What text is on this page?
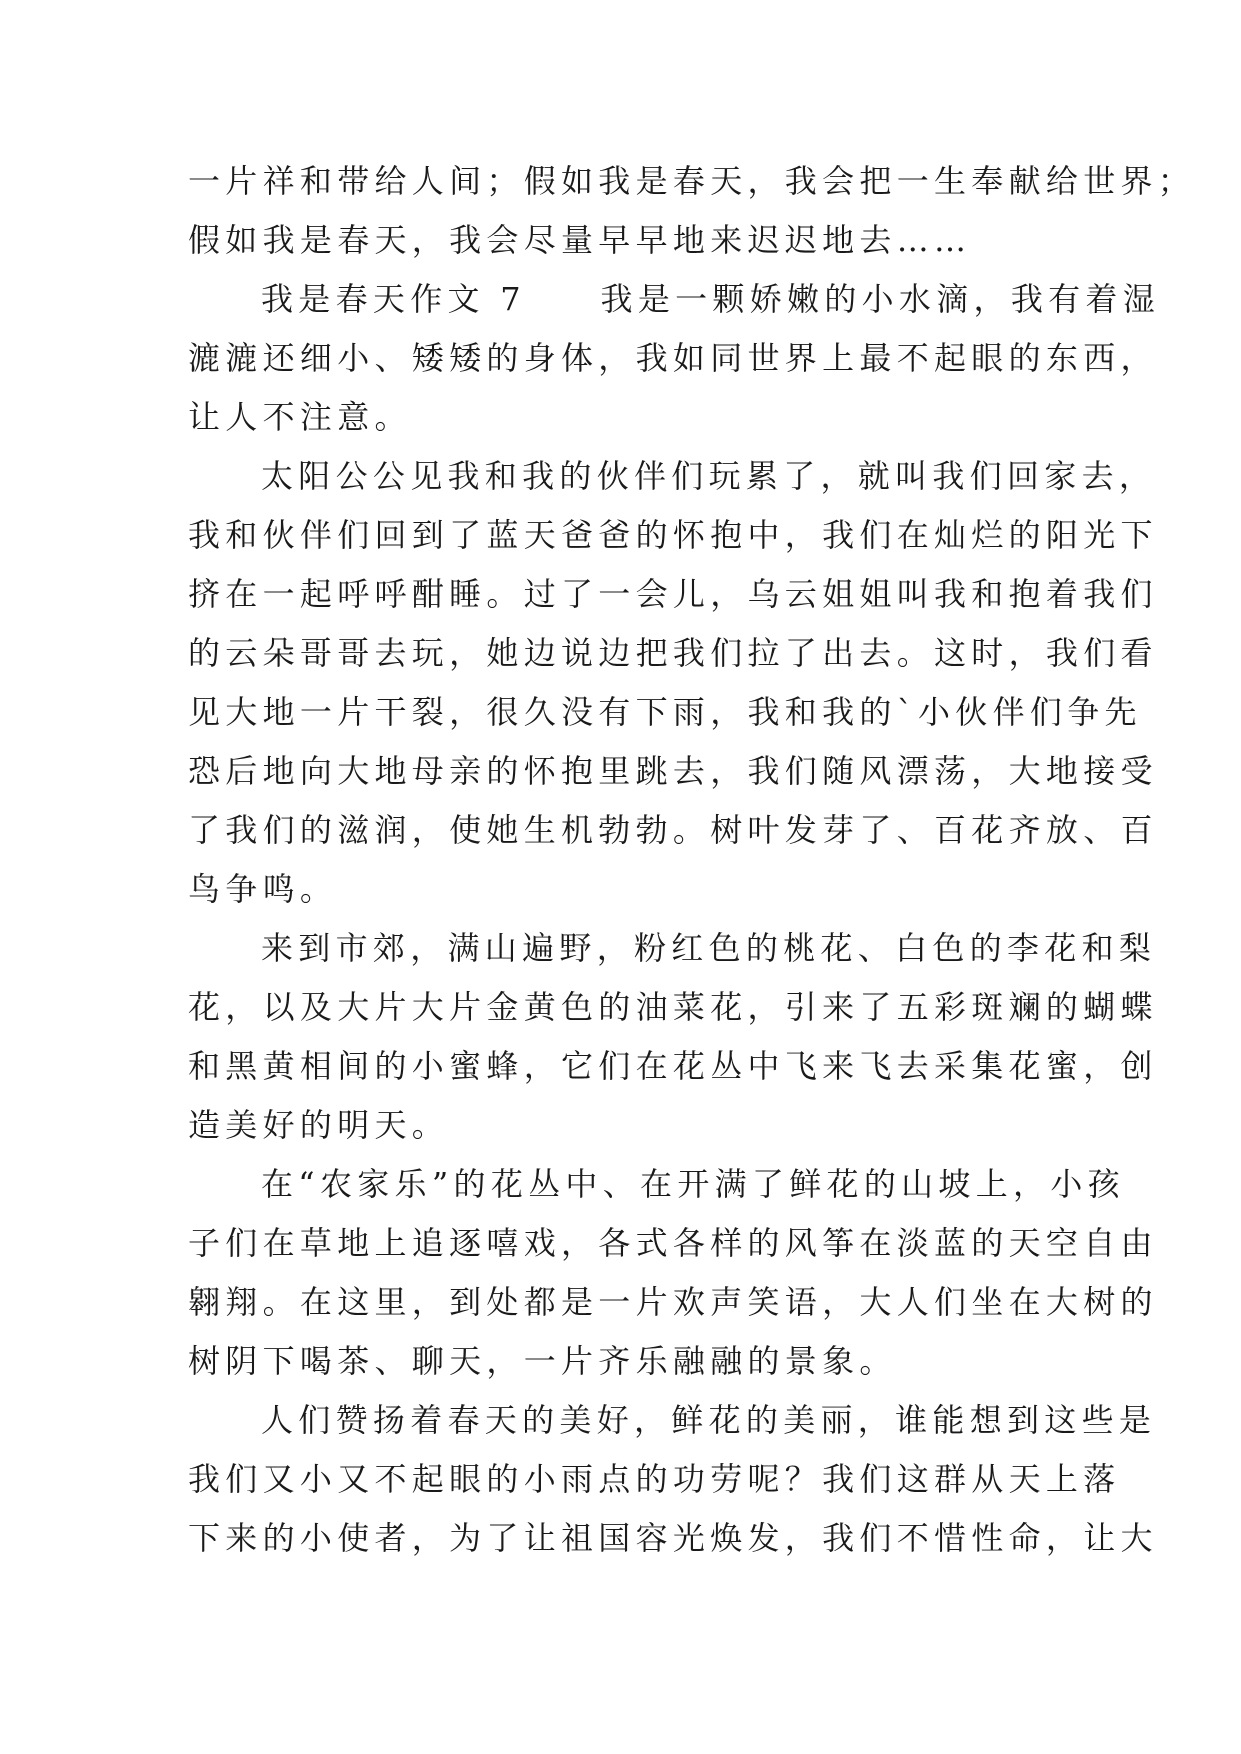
一片祥和带给人间；假如我是春天，我会把一生奉献给世界；
假如我是春天，我会尽量早早地来迟迟地去……
我是春天作文 7　　我是一颗娇嫩的小水滴，我有着湿
漉漉还细小、矮矮的身体，我如同世界上最不起眼的东西，
让人不注意。
太阳公公见我和我的伙伴们玩累了，就叫我们回家去，
我和伙伴们回到了蓝天爸爸的怀抱中，我们在灿烂的阳光下
挤在一起呼呼酣睡。过了一会儿，乌云姐姐叫我和抱着我们
的云朵哥哥去玩，她边说边把我们拉了出去。这时，我们看
见大地一片干裂，很久没有下雨，我和我的`小伙伴们争先
恐后地向大地母亲的怀抱里跳去，我们随风漂荡，大地接受
了我们的滋润，使她生机勃勃。树叶发芽了、百花齐放、百
鸟争鸣。
来到市郊，满山遍野，粉红色的桃花、白色的李花和梨
花，以及大片大片金黄色的油菜花，引来了五彩斑斓的蝴蝶
和黑黄相间的小蜜蜂，它们在花丛中飞来飞去采集花蜜，创
造美好的明天。
在“农家乐”的花丛中、在开满了鲜花的山坡上，小孩
子们在草地上追逐嘻戏，各式各样的风筝在淡蓝的天空自由
翱翔。在这里，到处都是一片欢声笑语，大人们坐在大树的
树阴下喝茶、聊天，一片齐乐融融的景象。
人们赞扬着春天的美好，鲜花的美丽，谁能想到这些是
我们又小又不起眼的小雨点的功劳呢？我们这群从天上落
下来的小使者，为了让祖国容光焕发，我们不惜性命，让大
